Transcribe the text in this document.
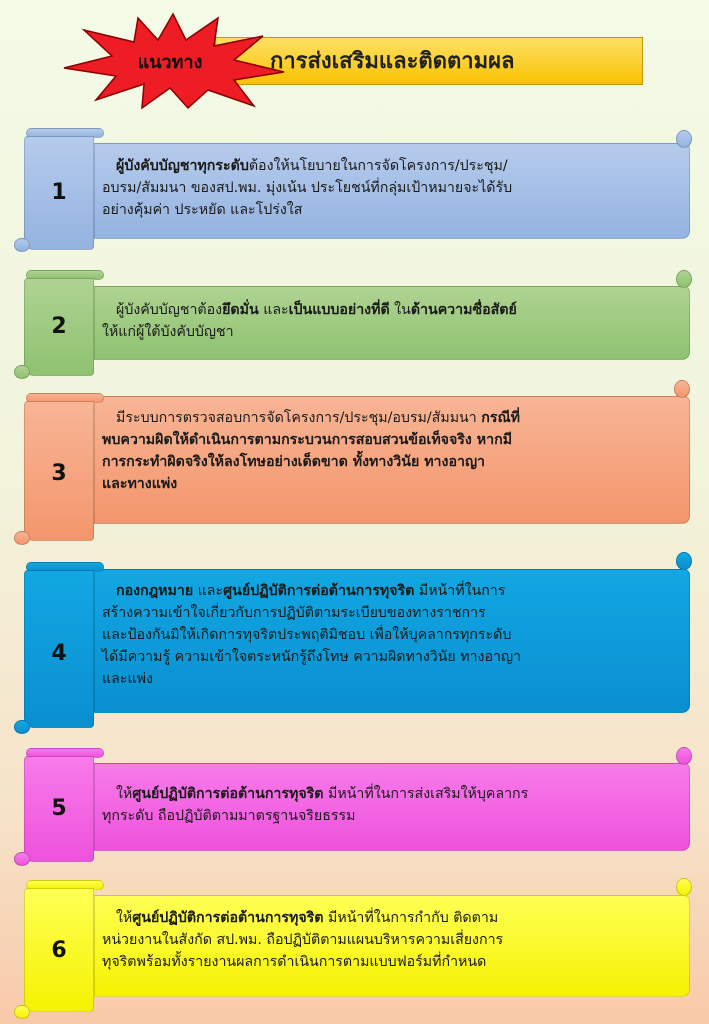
แนวทาง	การส่งเสริมและติดตามผล
1
ผู้บังคับบัญชาทุกระดับต้องให้นโยบายในการจัดโครงการ/ประชุม/
อบรม/สัมมนา ของสป.พม. มุ่งเน้น ประโยชน์ที่กลุ่มเป้าหมายจะได้รับ
อย่างคุ้มค่า ประหยัด และโปร่งใส
2
ผู้บังคับบัญชาต้องยึดมั่น และเป็นแบบอย่างที่ดี ในด้านความซื่อสัตย์
ให้แก่ผู้ใต้บังคับบัญชา
3
มีระบบการตรวจสอบการจัดโครงการ/ประชุม/อบรม/สัมมนา กรณีที่
พบความผิดให้ดำเนินการตามกระบวนการสอบสวนข้อเท็จจริง หากมี
การกระทำผิดจริงให้ลงโทษอย่างเด็ดขาด ทั้งทางวินัย ทางอาญา
และทางแพ่ง
4
กองกฎหมาย และศูนย์ปฏิบัติการต่อต้านการทุจริต มีหน้าที่ในการ
สร้างความเข้าใจเกี่ยวกับการปฏิบัติตามระเบียบของทางราชการ
และป้องกันมิให้เกิดการทุจริตประพฤติมิชอบ เพื่อให้บุคลากรทุกระดับ
ได้มีความรู้ ความเข้าใจตระหนักรู้ถึงโทษ ความผิดทางวินัย ทางอาญา
และแพ่ง
5
ให้ศูนย์ปฏิบัติการต่อต้านการทุจริต มีหน้าที่ในการส่งเสริมให้บุคลากร
ทุกระดับ ถือปฏิบัติตามมาตรฐานจริยธรรม
6
ให้ศูนย์ปฏิบัติการต่อต้านการทุจริต มีหน้าที่ในการกำกับ ติดตาม
หน่วยงานในสังกัด สป.พม. ถือปฏิบัติตามแผนบริหารความเสี่ยงการ
ทุจริตพร้อมทั้งรายงานผลการดำเนินการตามแบบฟอร์มที่กำหนด
